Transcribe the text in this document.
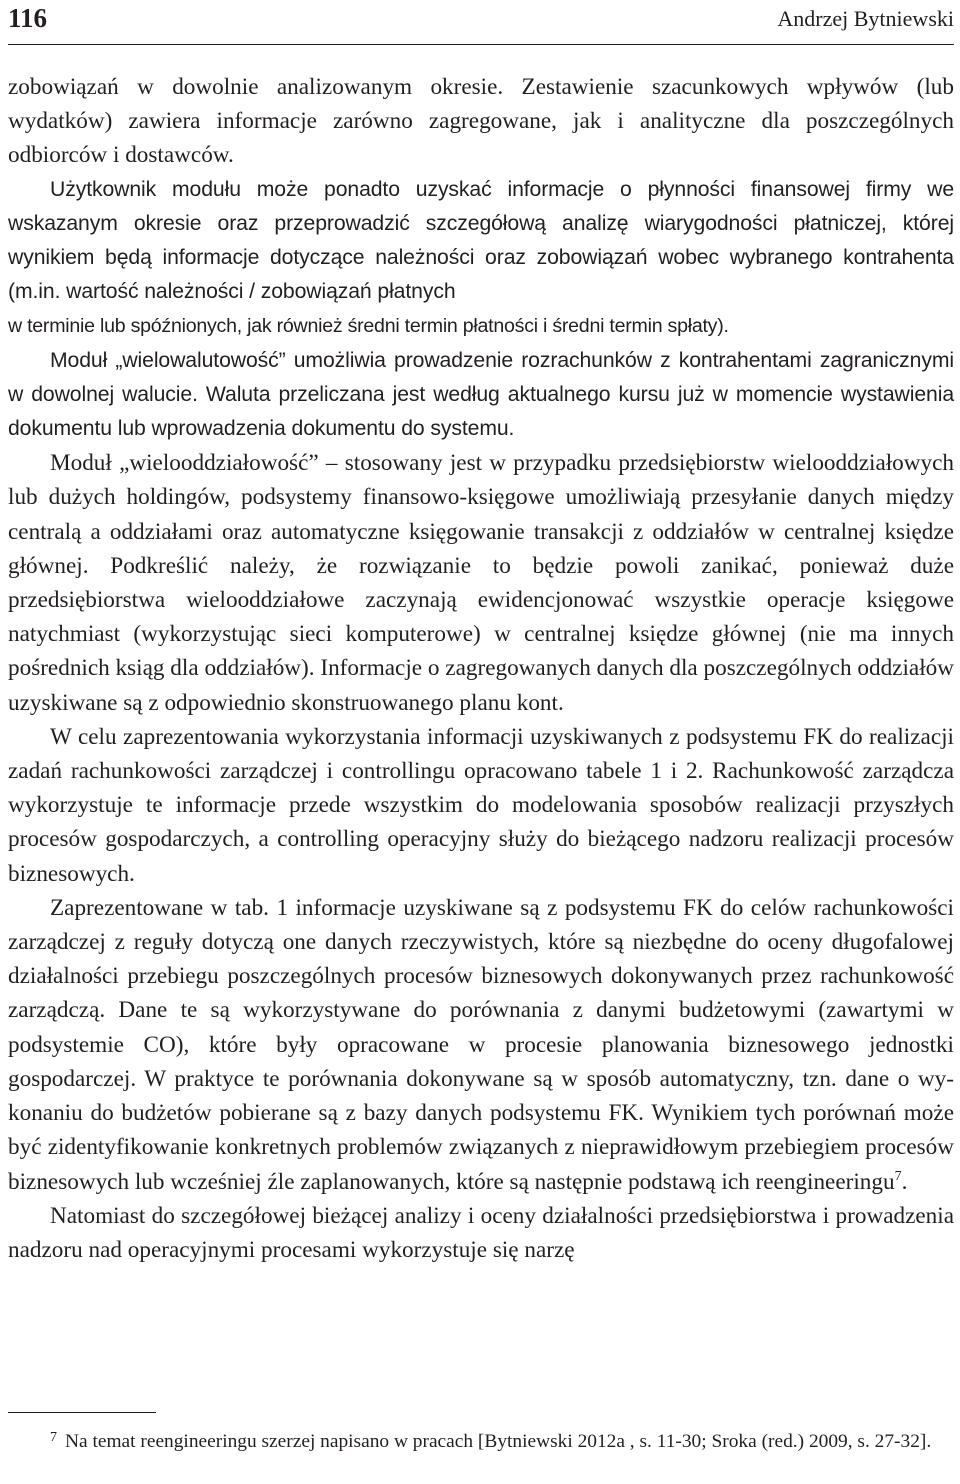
116	Andrzej Bytniewski

zobowiązań w dowolnie analizowanym okresie. Zestawienie szacunkowych wpływów (lub wydatków) zawiera informacje zarówno zagregowane, jak i analityczne dla poszczególnych odbiorców i dostawców.

Użytkownik modułu może ponadto uzyskać informacje o płynności finansowej firmy we wskazanym okresie oraz przeprowadzić szczegółową analizę wiarygodności płatniczej, której wynikiem będą informacje dotyczące należności oraz zobowiązań wobec wybranego kontrahenta (m.in. wartość należności / zobowiązań płatnych

w terminie lub spóźnionych, jak również średni termin płatności i średni termin spłaty).

Moduł „wielowalutowość” umożliwia prowadzenie rozrachunków z kontrahentami zagranicznymi w dowolnej walucie. Waluta przeliczana jest według aktualnego kursu już w momencie wystawienia dokumentu lub wprowadzenia dokumentu do systemu.

Moduł „wielooddziałowość” – stosowany jest w przypadku przedsiębiorstw wielooddziałowych lub dużych holdingów, podsystemy finansowo-księgowe umożliwiają przesyłanie danych między centralą a oddziałami oraz automatyczne księgowanie transakcji z oddziałów w centralnej księdze głównej. Podkreślić należy, że rozwiązanie to będzie powoli zanikać, ponieważ duże przedsiębiorstwa wielooddziałowe zaczynają ewidencjonować wszystkie operacje księgowe natychmiast (wykorzystując sieci komputerowe) w centralnej księdze głównej (nie ma innych pośrednich ksiąg dla oddziałów). Informacje o zagregowanych danych dla poszczególnych oddziałów uzyskiwane są z odpowiednio skonstruowanego planu kont.

W celu zaprezentowania wykorzystania informacji uzyskiwanych z podsystemu FK do realizacji zadań rachunkowości zarządczej i controllingu opracowano tabele 1 i 2. Rachunkowość zarządcza wykorzystuje te informacje przede wszystkim do modelowania sposobów realizacji przyszłych procesów gospodarczych, a controlling operacyjny służy do bieżącego nadzoru realizacji procesów biznesowych.

Zaprezentowane w tab. 1 informacje uzyskiwane są z podsystemu FK do celów rachunkowości zarządczej z reguły dotyczą one danych rzeczywistych, które są niezbędne do oceny długofalowej działalności przebiegu poszczególnych procesów biznesowych dokonywanych przez rachunkowość zarządczą. Dane te są wykorzystywane do porównania z danymi budżetowymi (zawartymi w podsystemie CO), które były opracowane w procesie planowania biznesowego jednostki gospodarczej. W praktyce te porównania dokonywane są w sposób automatyczny, tzn. dane o wykonaniu do budżetów pobierane są z bazy danych podsystemu FK. Wynikiem tych porównań może być zidentyfikowanie konkretnych problemów związanych z nieprawidłowym przebiegiem procesów biznesowych lub wcześniej źle zaplanowanych, które są następnie podstawą ich reengineeringu$^7$.

Natomiast do szczegółowej bieżącej analizy i oceny działalności przedsiębiorstwa i prowadzenia nadzoru nad operacyjnymi procesami wykorzystuje się narzę

$^7$ Na temat reengineeringu szerzej napisano w pracach [Bytniewski 2012a , s. 11-30; Sroka (red.) 2009, s. 27-32].
